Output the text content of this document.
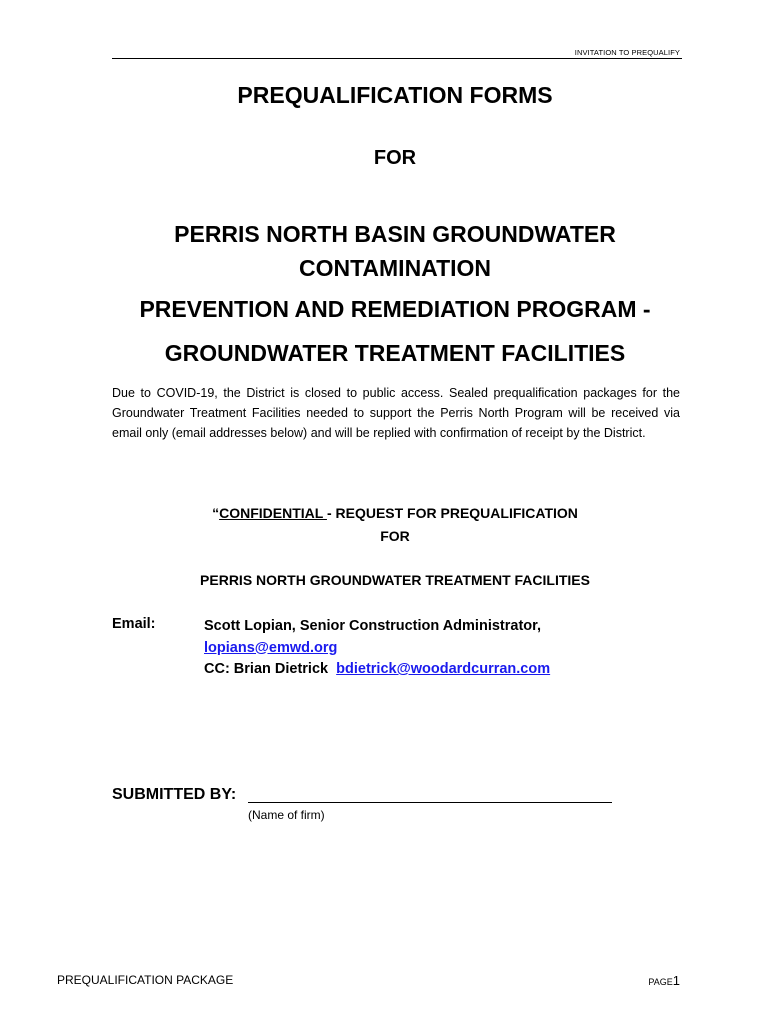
INVITATION TO PREQUALIFY
PREQUALIFICATION FORMS
FOR
PERRIS NORTH BASIN GROUNDWATER
CONTAMINATION
PREVENTION AND REMEDIATION PROGRAM -
GROUNDWATER TREATMENT FACILITIES
Due to COVID-19, the District is closed to public access. Sealed prequalification packages for the Groundwater Treatment Facilities needed to support the Perris North Program will be received via email only (email addresses below) and will be replied with confirmation of receipt by the District.
“CONFIDENTIAL - REQUEST FOR PREQUALIFICATION
FOR
PERRIS NORTH GROUNDWATER TREATMENT FACILITIES
Email:	Scott Lopian, Senior Construction Administrator,
lopians@emwd.org
CC: Brian Dietrick bdietrick@woodardcurran.com
SUBMITTED BY:
(Name of firm)
PREQUALIFICATION PACKAGE	PAGE1
